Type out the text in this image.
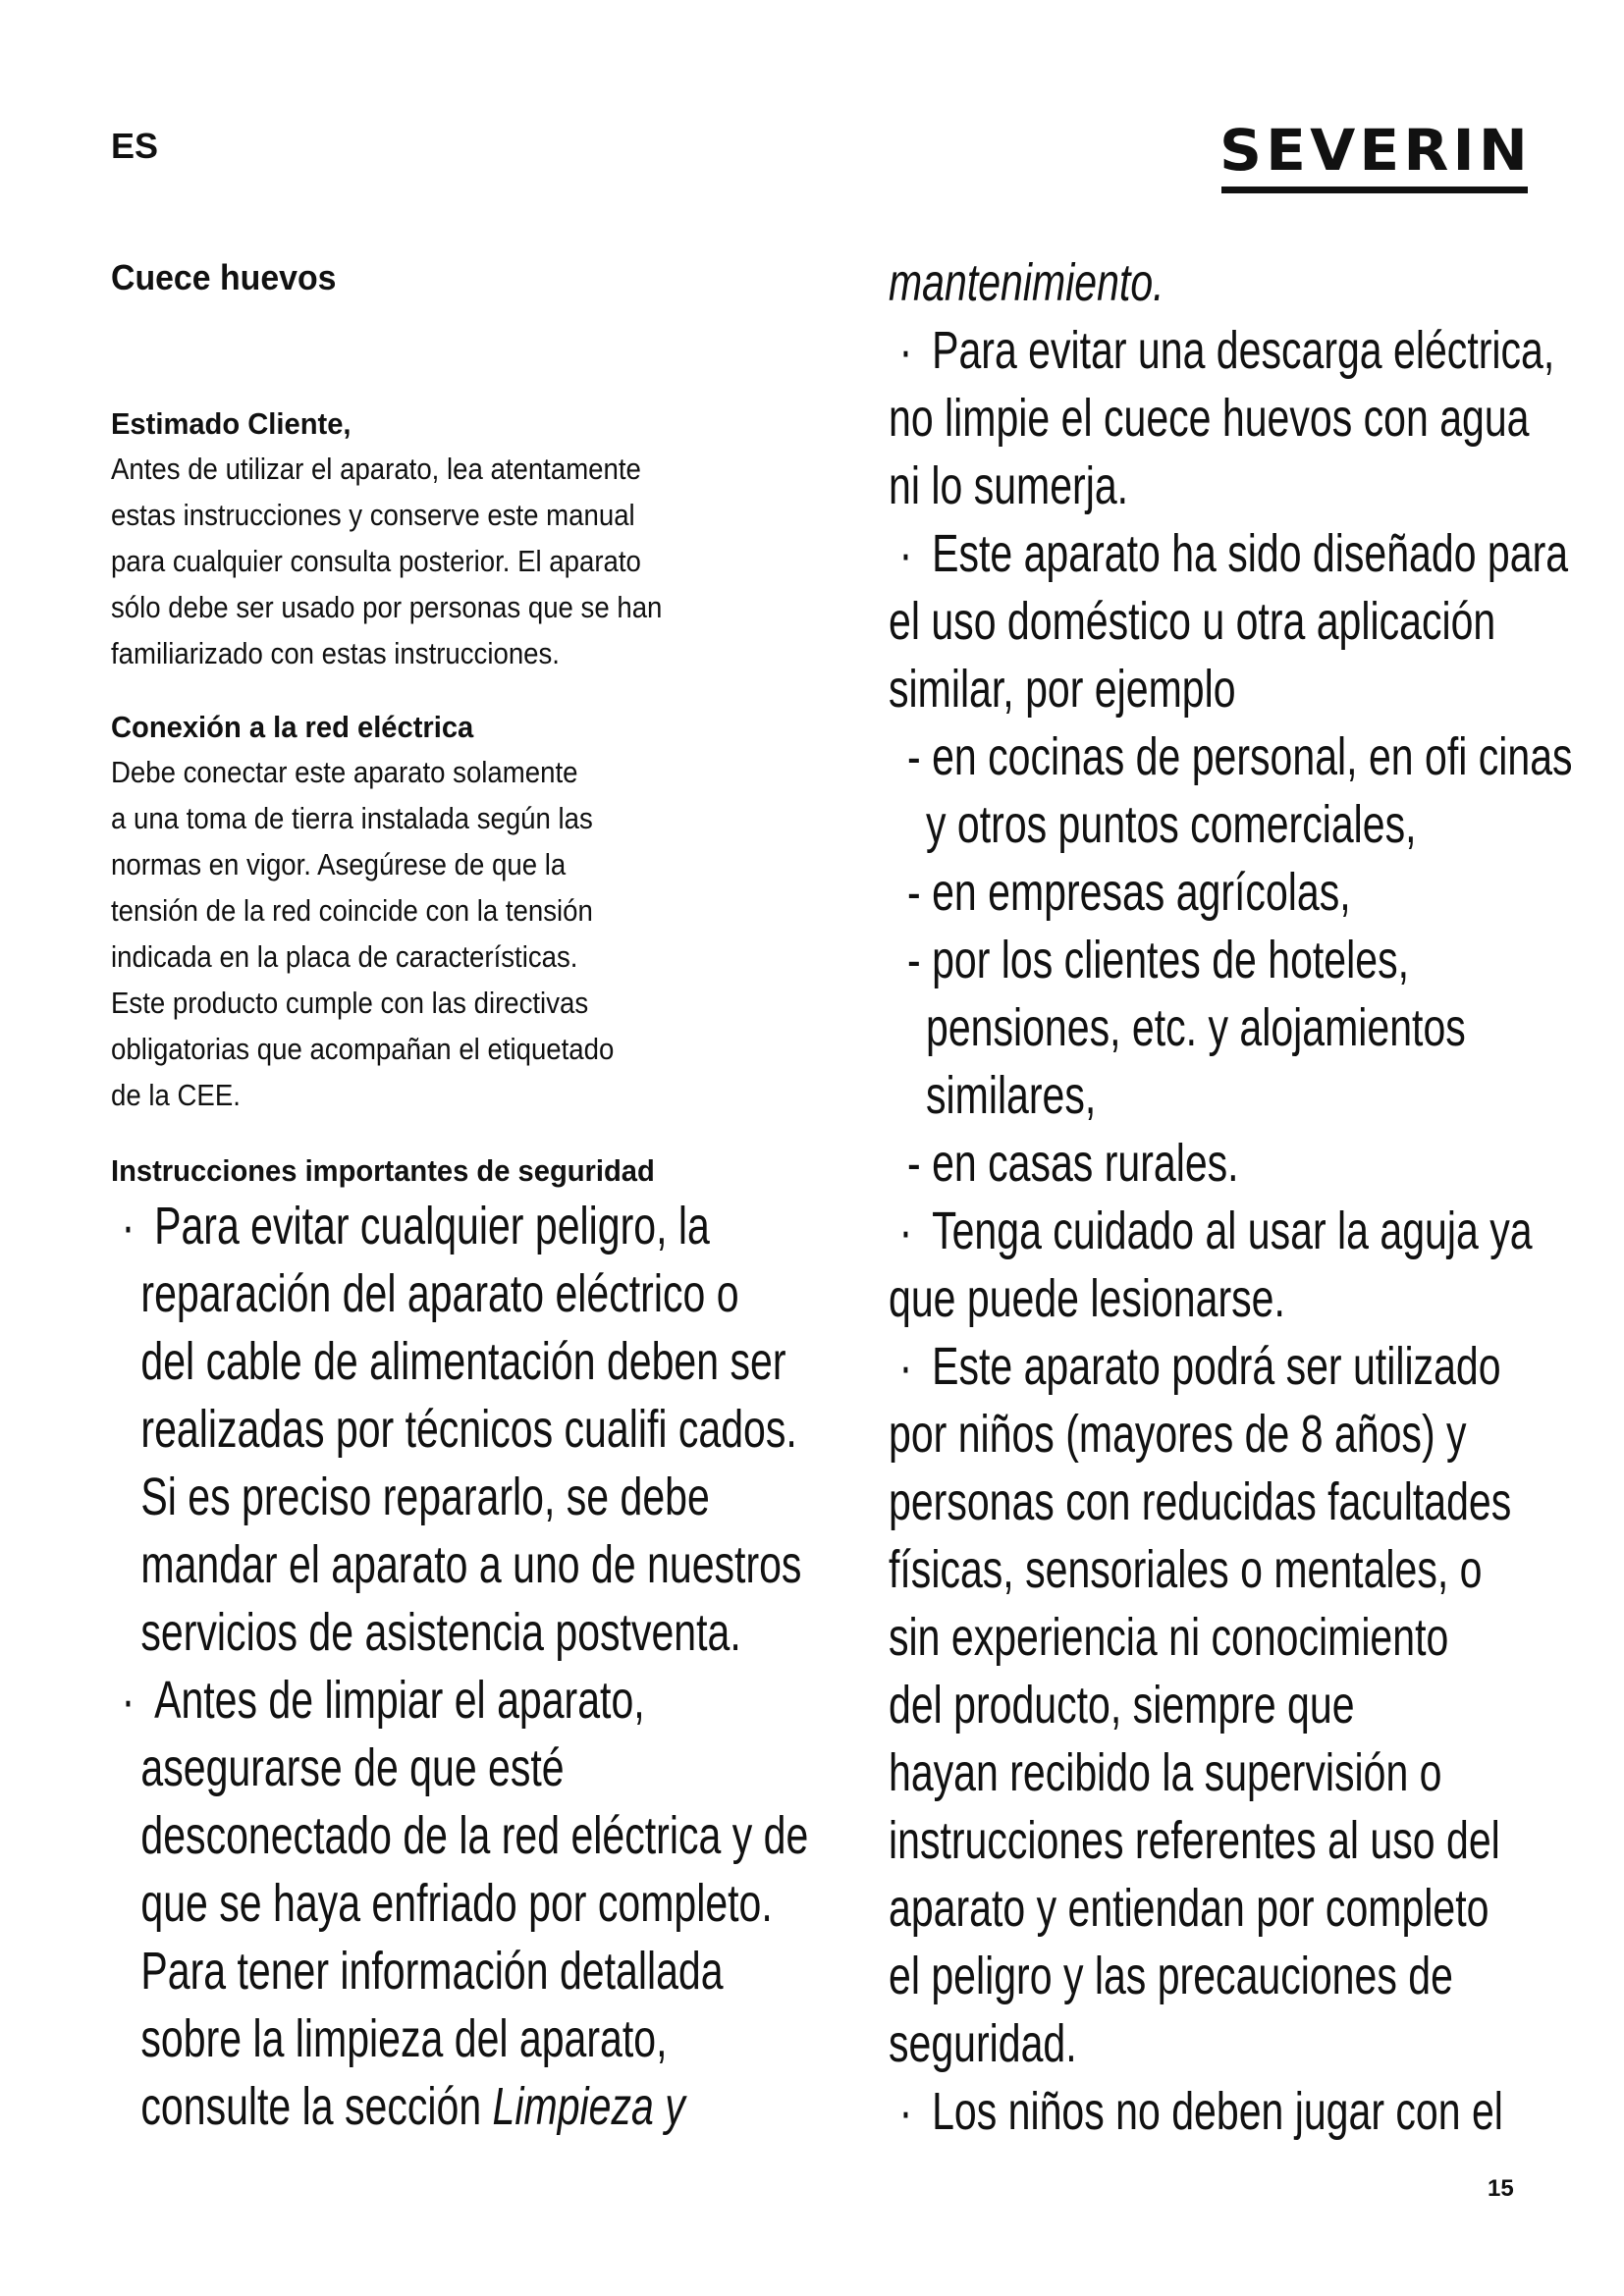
ES	SEVERIN

Cuece huevos
Estimado Cliente,

Antes de utilizar el aparato, lea atentamente

estas instrucciones y conserve este manual

para cualquier consulta posterior. El aparato

sólo debe ser usado por personas que se han

familiarizado con estas instrucciones.

Conexión a la red eléctrica

Debe conectar este aparato solamente

a una toma de tierra instalada según las

normas en vigor. Asegúrese de que la

tensión de la red coincide con la tensión

indicada en la placa de características.

Este producto cumple con las directivas

obligatorias que acompañan el etiquetado

de la CEE.

Instrucciones importantes de seguridad

· Para evitar cualquier peligro, la

reparación del aparato eléctrico o

del cable de alimentación deben ser

realizadas por técnicos cualifi cados.

Si es preciso repararlo, se debe

mandar el aparato a uno de nuestros

servicios de asistencia postventa.

· Antes de limpiar el aparato,

asegurarse de que esté

desconectado de la red eléctrica y de

que se haya enfriado por completo.

Para tener información detallada

sobre la limpieza del aparato,

consulte la sección Limpieza y

mantenimiento.

· Para evitar una descarga eléctrica,

no limpie el cuece huevos con agua

ni lo sumerja.

· Este aparato ha sido diseñado para

el uso doméstico u otra aplicación

similar, por ejemplo

- en cocinas de personal, en ofi cinas

y otros puntos comerciales,

- en empresas agrícolas,

- por los clientes de hoteles,

pensiones, etc. y alojamientos

similares,

- en casas rurales.

· Tenga cuidado al usar la aguja ya

que puede lesionarse.

· Este aparato podrá ser utilizado

por niños (mayores de 8 años) y

personas con reducidas facultades

físicas, sensoriales o mentales, o

sin experiencia ni conocimiento

del producto, siempre que

hayan recibido la supervisión o

instrucciones referentes al uso del

aparato y entiendan por completo

el peligro y las precauciones de

seguridad.

· Los niños no deben jugar con el

15
